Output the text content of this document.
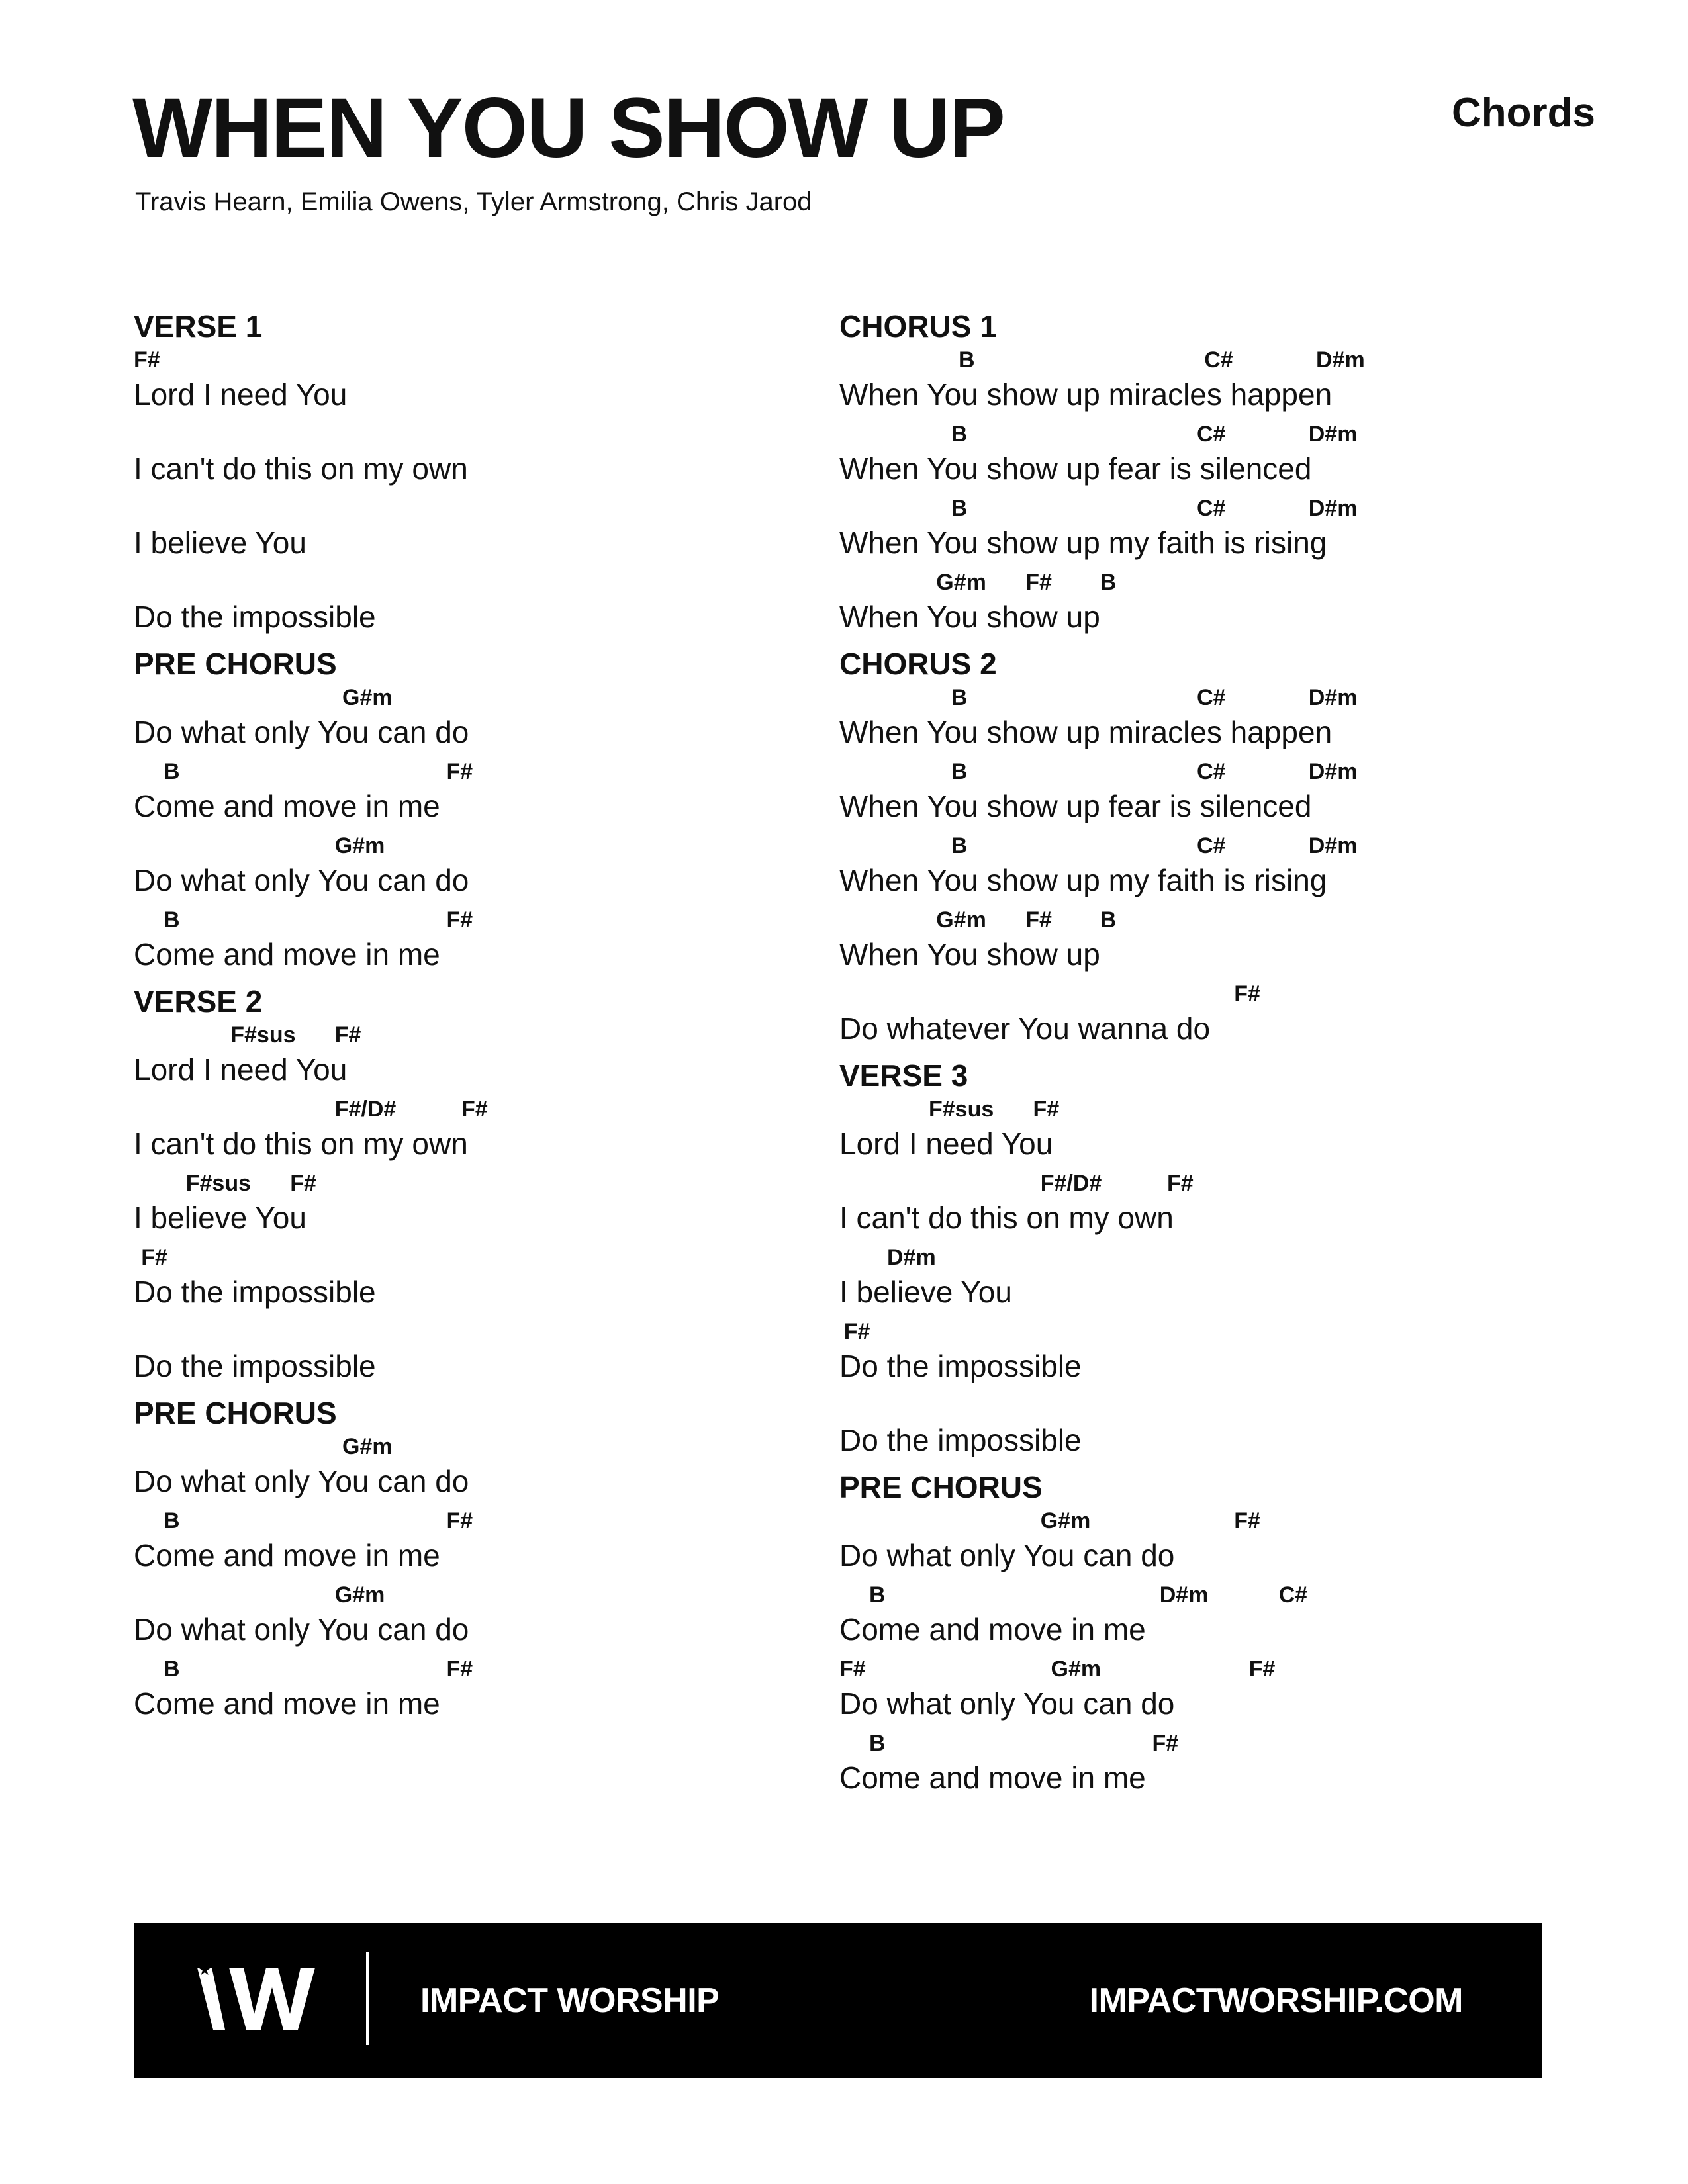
WHEN YOU SHOW UP
Travis Hearn, Emilia Owens, Tyler Armstrong, Chris Jarod
Chords
VERSE 1
F#
Lord I need You
I can't do this on my own
I believe You
Do the impossible
PRE CHORUS
G#m
Do what only You can do
B	F#
Come and move in me
G#m
Do what only You can do
B	F#
Come and move in me
VERSE 2
F#sus F#
Lord I need You
F#/D#	F#
I can't do this on my own
F#sus F#
I believe You
F#
Do the impossible
Do the impossible
PRE CHORUS
G#m
Do what only You can do
B	F#
Come and move in me
G#m
Do what only You can do
B	F#
Come and move in me
CHORUS 1
B	C#	D#m
When You show up miracles happen
B	C#	D#m
When You show up fear is silenced
B	C#	D#m
When You show up my faith is rising
G#m F# B
When You show up
CHORUS 2
B	C#	D#m
When You show up miracles happen
B	C#	D#m
When You show up fear is silenced
B	C#	D#m
When You show up my faith is rising
G#m F# B
When You show up
F#
Do whatever You wanna do
VERSE 3
F#sus F#
Lord I need You
F#/D#	F#
I can't do this on my own
D#m
I believe You
F#
Do the impossible
Do the impossible
PRE CHORUS
G#m	F#
Do what only You can do
B	D#m	C#
Come and move in me
F#	G#m	F#
Do what only You can do
B	F#
Come and move in me
IMPACT WORSHIP	IMPACTWORSHIP.COM
